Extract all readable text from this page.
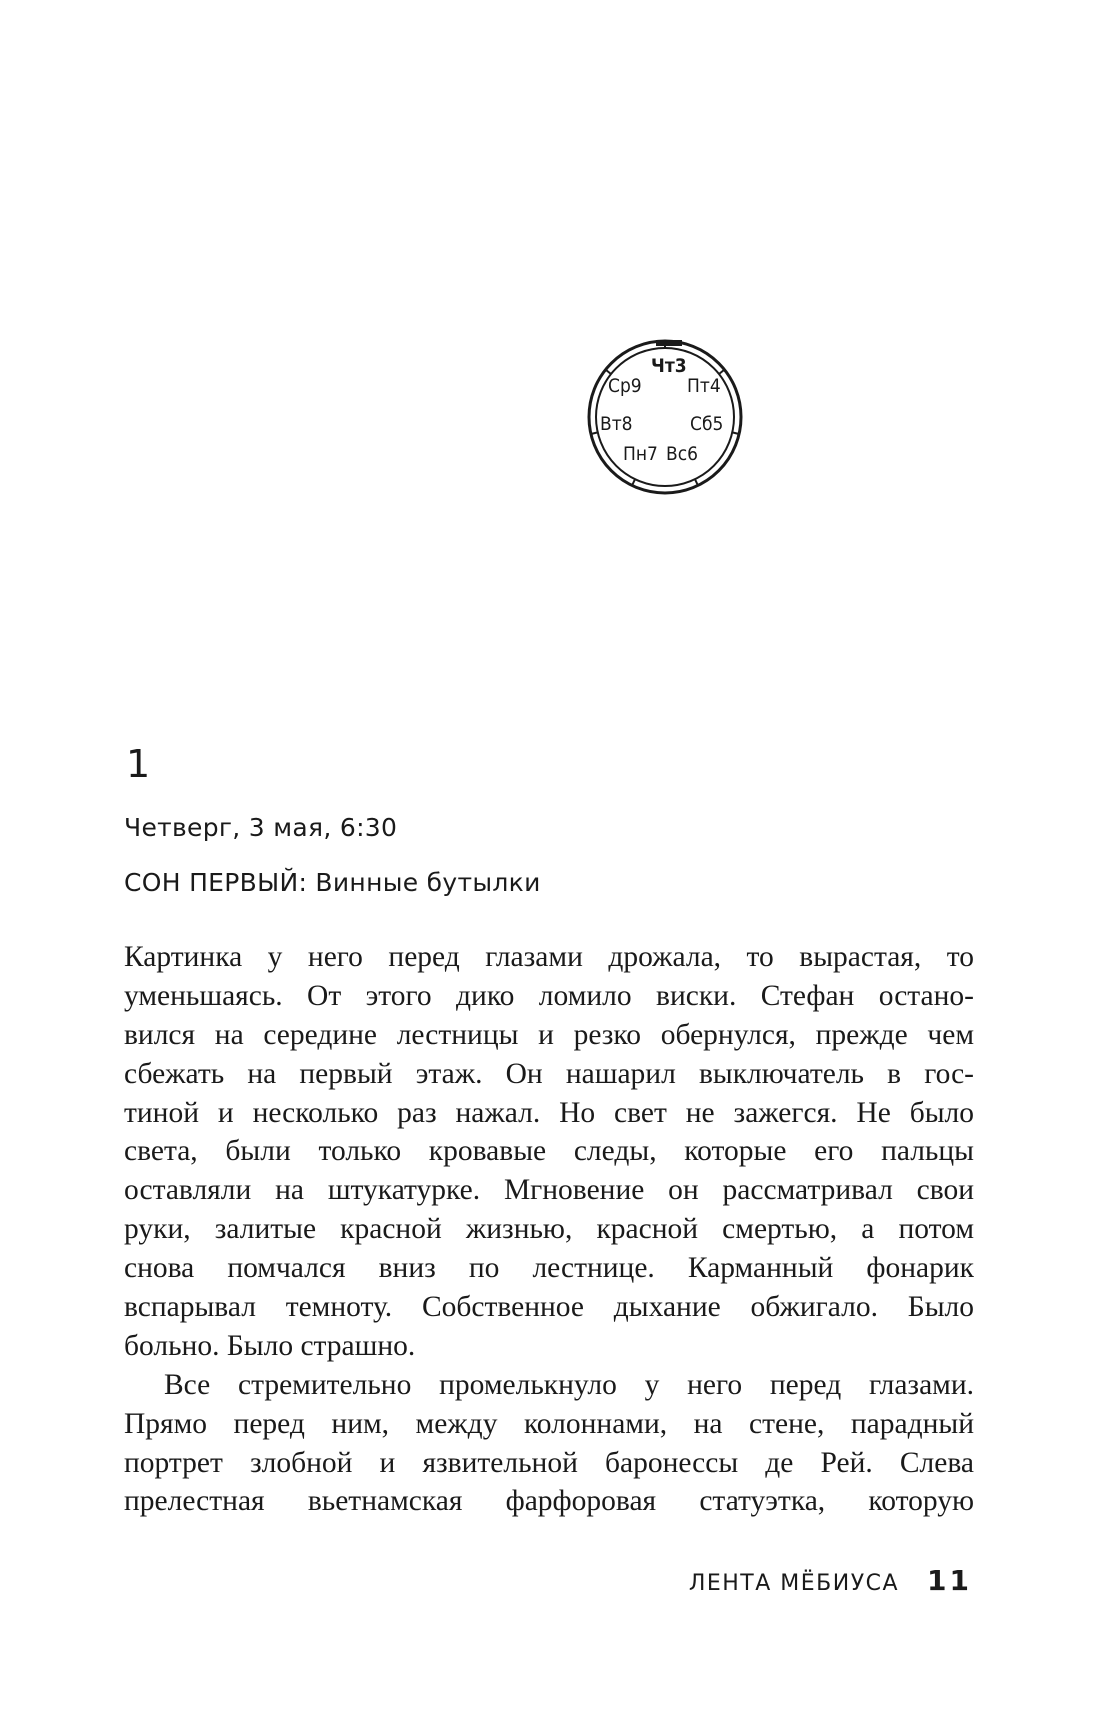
Чт3
Ср9 Пт4
Вт8	Сб5
Пн7 Вс6
1
Четверг, 3 мая, 6:30
СОН ПЕРВЫЙ: Винные бутылки
Картинка у него перед глазами дрожала, то вырастая, то
уменьшаясь. От этого дико ломило виски. Стефан остано-
вился на середине лестницы и резко обернулся, прежде чем
сбежать на первый этаж. Он нашарил выключатель в гос-
тиной и несколько раз нажал. Но свет не зажегся. Не было
света, были только кровавые следы, которые его пальцы
оставляли на штукатурке. Мгновение он рассматривал свои
руки, залитые красной жизнью, красной смертью, а потом
снова помчался вниз по лестнице. Карманный фонарик
вспарывал темноту. Собственное дыхание обжигало. Было
больно. Было страшно.
Все стремительно промелькнуло у него перед глазами.
Прямо перед ним, между колоннами, на стене, парадный
портрет злобной и язвительной баронессы де Рей. Слева
прелестная вьетнамская фарфоровая статуэтка, которую
ЛЕНТА МЁБИУСА 11
